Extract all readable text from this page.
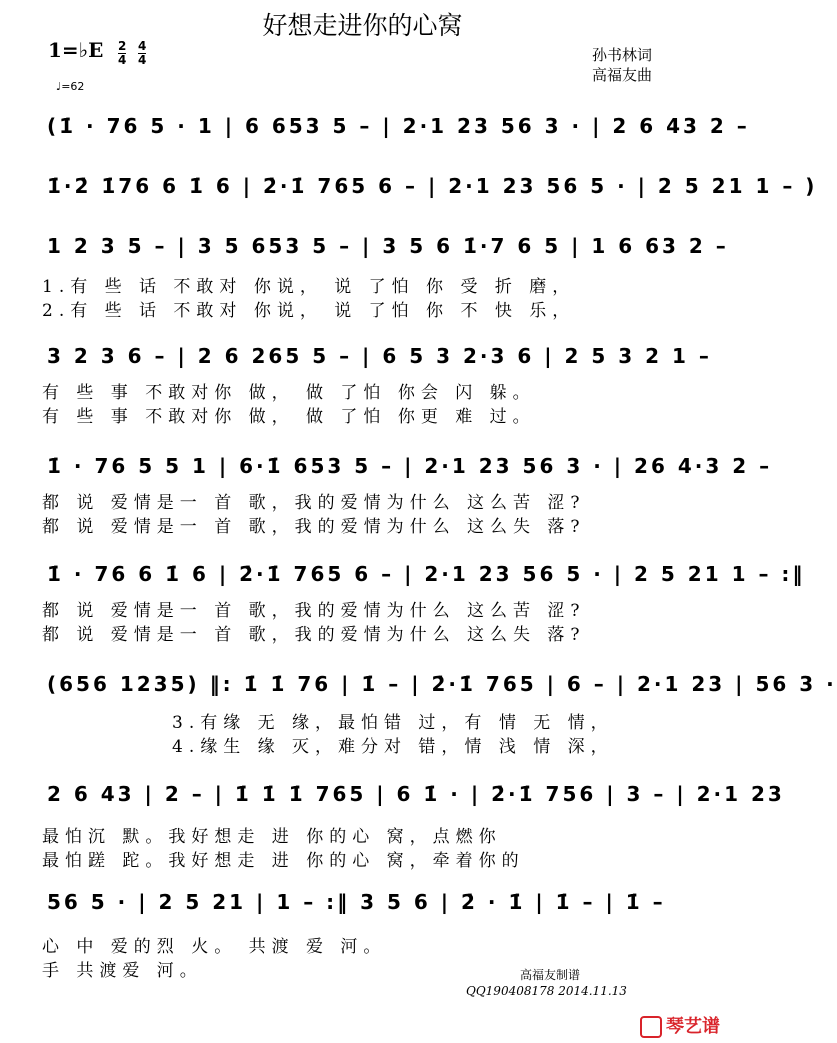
好想走进你的心窝
1=♭E 2
4
4
4
♩=62
孙书林词
高福友曲
(1̇ · 76 5 · 1 | 6 653 5 – | 2·1 23 56 3 · | 2 6 43 2 –
1̇·2̇ 1̇76 6 1̇ 6 | 2̇·1̇ 765 6 – | 2·1 23 56 5 · | 2 5 21 1 – )
1 2 3 5 – | 3 5 653 5 – | 3 5 6 1̇·7 6 5 | 1 6 63 2 –
1.有 些 话 不敢对 你说， 说 了怕 你 受 折 磨，
2.有 些 话 不敢对 你说， 说 了怕 你 不 快 乐，
3 2 3 6 – | 2 6 265 5 – | 6 5 3 2·3 6 | 2 5 3 2 1 –
有 些 事 不敢对你 做， 做 了怕 你会 闪 躲。
有 些 事 不敢对你 做， 做 了怕 你更 难 过。
1̇ · 76 5 5 1 | 6·1̇ 653 5 – | 2·1 23 56 3 · | 26 4·3 2 –
都 说 爱情是一 首 歌，我的爱情为什么 这么苦 涩?
都 说 爱情是一 首 歌，我的爱情为什么 这么失 落?
1̇ · 76 6 1̇ 6 | 2̇·1̇ 765 6 – | 2·1 23 56 5 · | 2 5 21 1 – :‖
都 说 爱情是一 首 歌，我的爱情为什么 这么苦 涩?
都 说 爱情是一 首 歌，我的爱情为什么 这么失 落?
(656 1235) ‖: 1̇ 1̇ 76 | 1̇ – | 2̇·1̇ 765 | 6 – | 2·1 23 | 56 3 ·
3.有缘 无 缘，最怕错 过，有 情 无 情，
4.缘生 缘 灭，难分对 错，情 浅 情 深，
2 6 43 | 2 – | 1̇ 1̇ 1̇ 765 | 6 1̇ · | 2̇·1̇ 756 | 3 – | 2·1 23
最怕沉 默。我好想走 进 你的心 窝，点燃你
最怕蹉 跎。我好想走 进 你的心 窝，牵着你的
56 5 · | 2 5 21 | 1 – :‖ 3 5 6 | 2̇ · 1̇ | 1̇ – | 1̇ –
心 中 爱的烈 火。 共渡 爱 河。
手 共渡爱 河。	高福友制谱
QQ190408178 2014.11.13
琴艺谱
